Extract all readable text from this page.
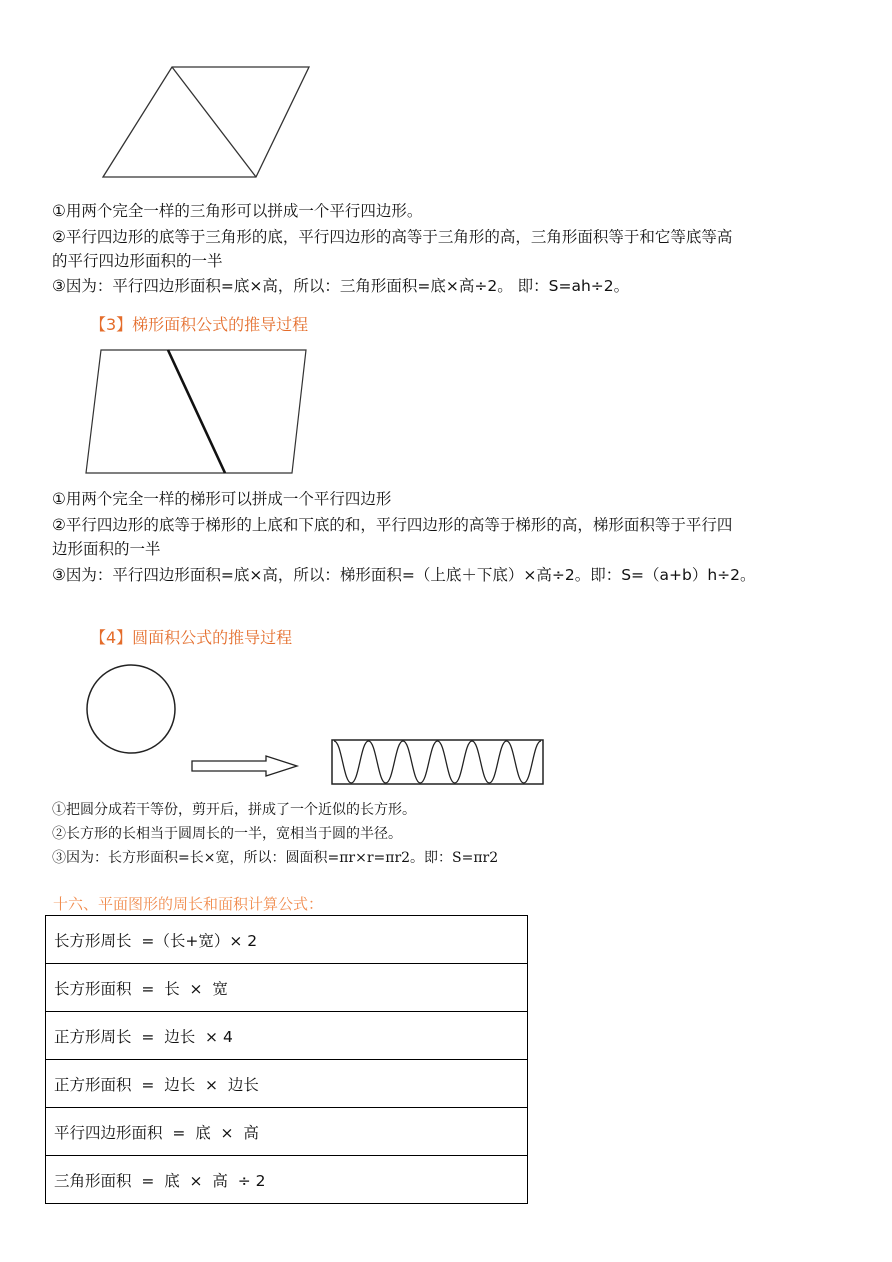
①用两个完全一样的三角形可以拼成一个平行四边形。
②平行四边形的底等于三角形的底，平行四边形的高等于三角形的高，三角形面积等于和它等底等高
的平行四边形面积的一半
③因为：平行四边形面积=底×高，所以：三角形面积=底×高÷2。 即：S=ah÷2。
【3】梯形面积公式的推导过程
①用两个完全一样的梯形可以拼成一个平行四边形
②平行四边形的底等于梯形的上底和下底的和，平行四边形的高等于梯形的高，梯形面积等于平行四
边形面积的一半
③因为：平行四边形面积=底×高，所以：梯形面积=（上底＋下底）×高÷2。即：S=（a+b）h÷2。
【4】圆面积公式的推导过程
①把圆分成若干等份，剪开后，拼成了一个近似的长方形。
②长方形的长相当于圆周长的一半，宽相当于圆的半径。
③因为：长方形面积=长×宽，所以：圆面积=πr×r=πr2。即：S=πr2
十六、平面图形的周长和面积计算公式：
长方形周长  =（长+宽）× 2
长方形面积  =  长  ×  宽
正方形周长  =  边长  × 4
正方形面积  =  边长  ×  边长
平行四边形面积  =  底  ×  高
三角形面积  =  底  ×  高  ÷ 2
